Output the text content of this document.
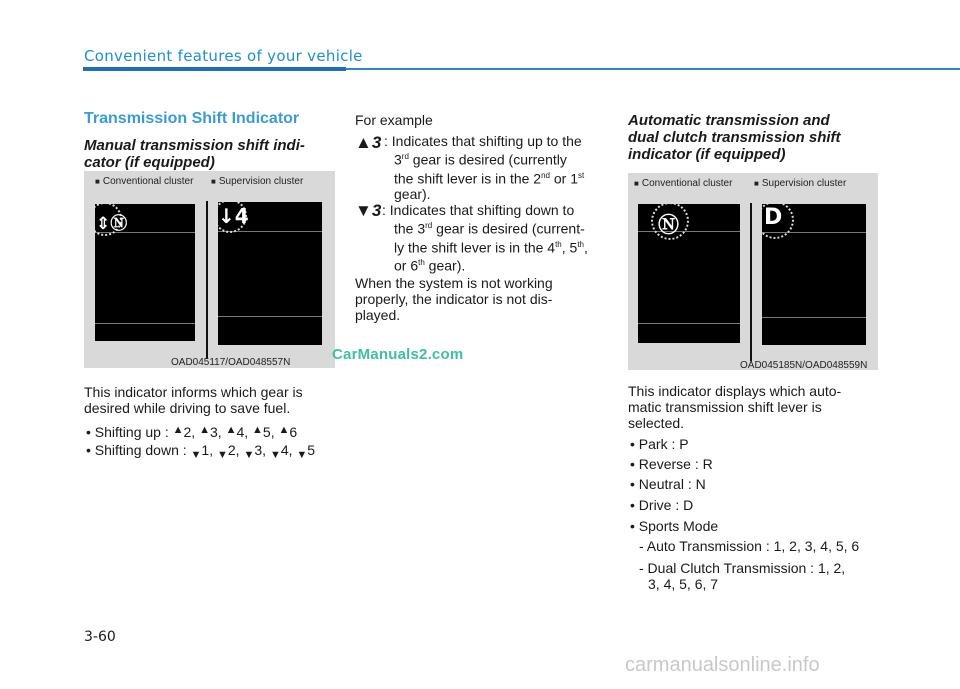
Convenient features of your vehicle
Transmission Shift Indicator
Manual transmission shift indi-
cator (if equipped)
■ Conventional cluster ■ Supervision cluster
⇕Ⓝ	↓4
OAD045117/OAD048557N
This indicator informs which gear is
desired while driving to save fuel.
• Shifting up : ▲2, ▲3, ▲4, ▲5, ▲6
• Shifting down : ▼1, ▼2, ▼3, ▼4, ▼5
For example
▲3 : Indicates that shifting up to the
3rd gear is desired (currently
the shift lever is in the 2nd or 1st
gear).
▼3 : Indicates that shifting down to
the 3rd gear is desired (current-
ly the shift lever is in the 4th, 5th,
or 6th gear).
When the system is not working
properly, the indicator is not dis-
played.
Automatic transmission and
dual clutch transmission shift
indicator (if equipped)
■ Conventional cluster	■ Supervision cluster
Ⓝ	D
OAD045185N/OAD048559N
This indicator displays which auto-
matic transmission shift lever is
selected.
• Park : P
• Reverse : R
• Neutral : N
• Drive : D
• Sports Mode
- Auto Transmission : 1, 2, 3, 4, 5, 6
- Dual Clutch Transmission : 1, 2,
3, 4, 5, 6, 7
CarManuals2.com
3-60
carmanualsonline.info
